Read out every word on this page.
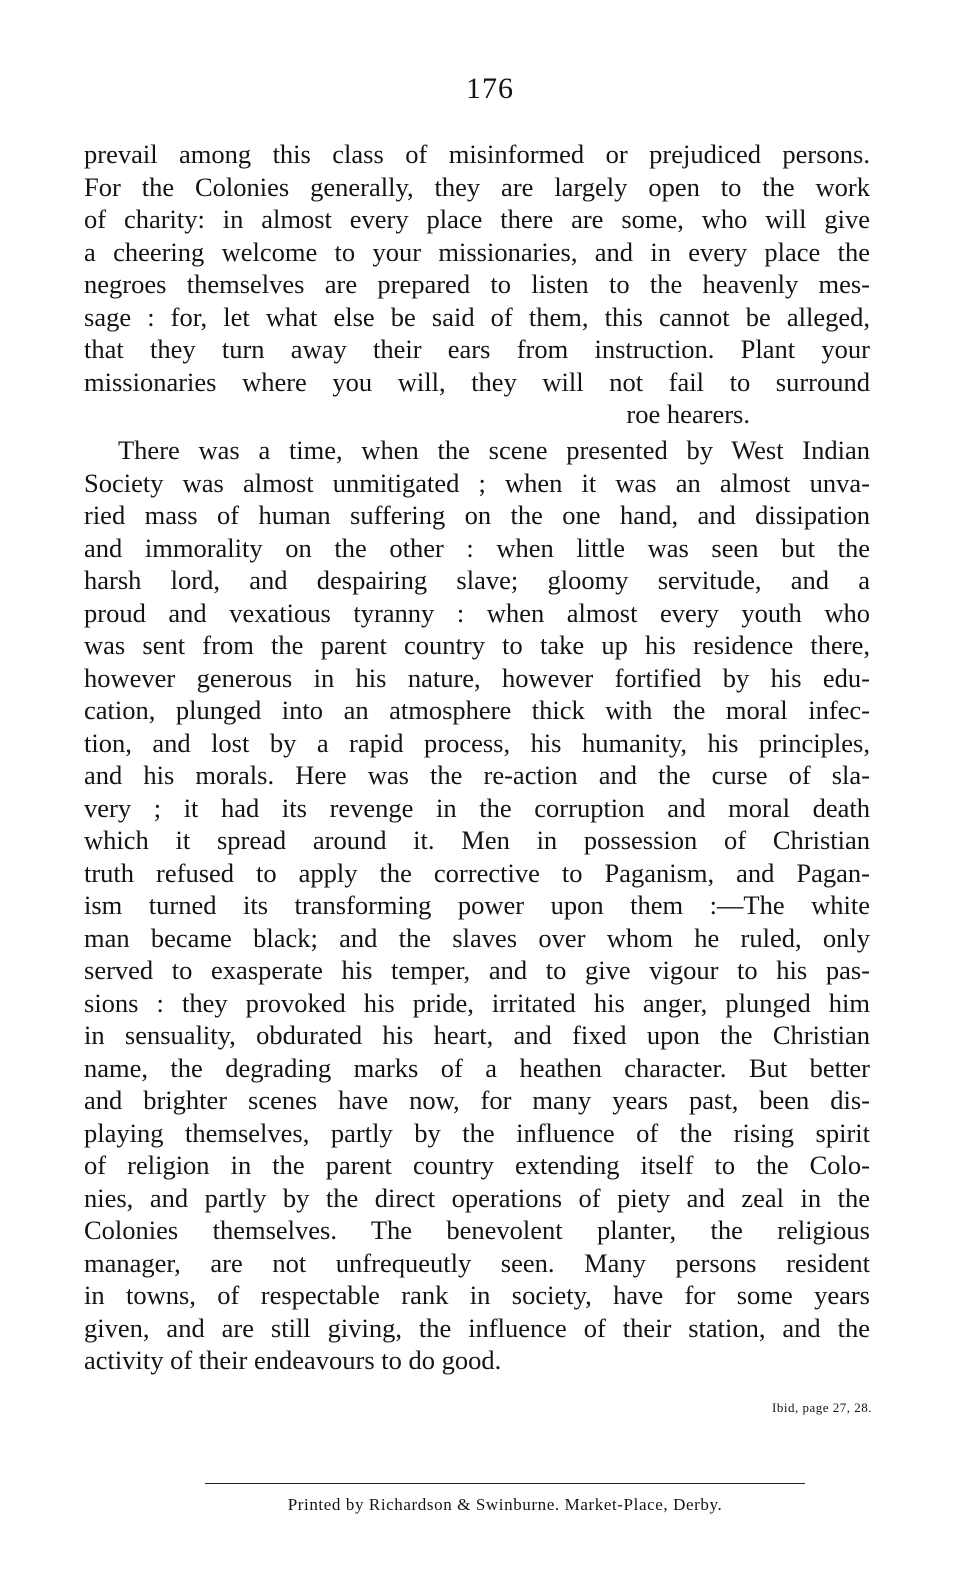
176
prevail among this class of misinformed or prejudiced persons.
For the Colonies generally, they are largely open to the work
of charity: in almost every place there are some, who will give
a cheering welcome to your missionaries, and in every place the
negroes themselves are prepared to listen to the heavenly mes-
sage : for, let what else be said of them, this cannot be alleged,
that they turn away their ears from instruction. Plant your
missionaries where you will, they will not fail to surround
roe hearers.
There was a time, when the scene presented by West Indian
Society was almost unmitigated ; when it was an almost unva-
ried mass of human suffering on the one hand, and dissipation
and immorality on the other : when little was seen but the
harsh lord, and despairing slave; gloomy servitude, and a
proud and vexatious tyranny : when almost every youth who
was sent from the parent country to take up his residence there,
however generous in his nature, however fortified by his edu-
cation, plunged into an atmosphere thick with the moral infec-
tion, and lost by a rapid process, his humanity, his principles,
and his morals. Here was the re-action and the curse of sla-
very ; it had its revenge in the corruption and moral death
which it spread around it. Men in possession of Christian
truth refused to apply the corrective to Paganism, and Pagan-
ism turned its transforming power upon them :—The white
man became black; and the slaves over whom he ruled, only
served to exasperate his temper, and to give vigour to his pas-
sions : they provoked his pride, irritated his anger, plunged him
in sensuality, obdurated his heart, and fixed upon the Christian
name, the degrading marks of a heathen character. But better
and brighter scenes have now, for many years past, been dis-
playing themselves, partly by the influence of the rising spirit
of religion in the parent country extending itself to the Colo-
nies, and partly by the direct operations of piety and zeal in the
Colonies themselves. The benevolent planter, the religious
manager, are not unfrequeutly seen. Many persons resident
in towns, of respectable rank in society, have for some years
given, and are still giving, the influence of their station, and the
activity of their endeavours to do good.
Ibid, page 27, 28.
Printed by Richardson & Swinburne. Market-Place, Derby.
